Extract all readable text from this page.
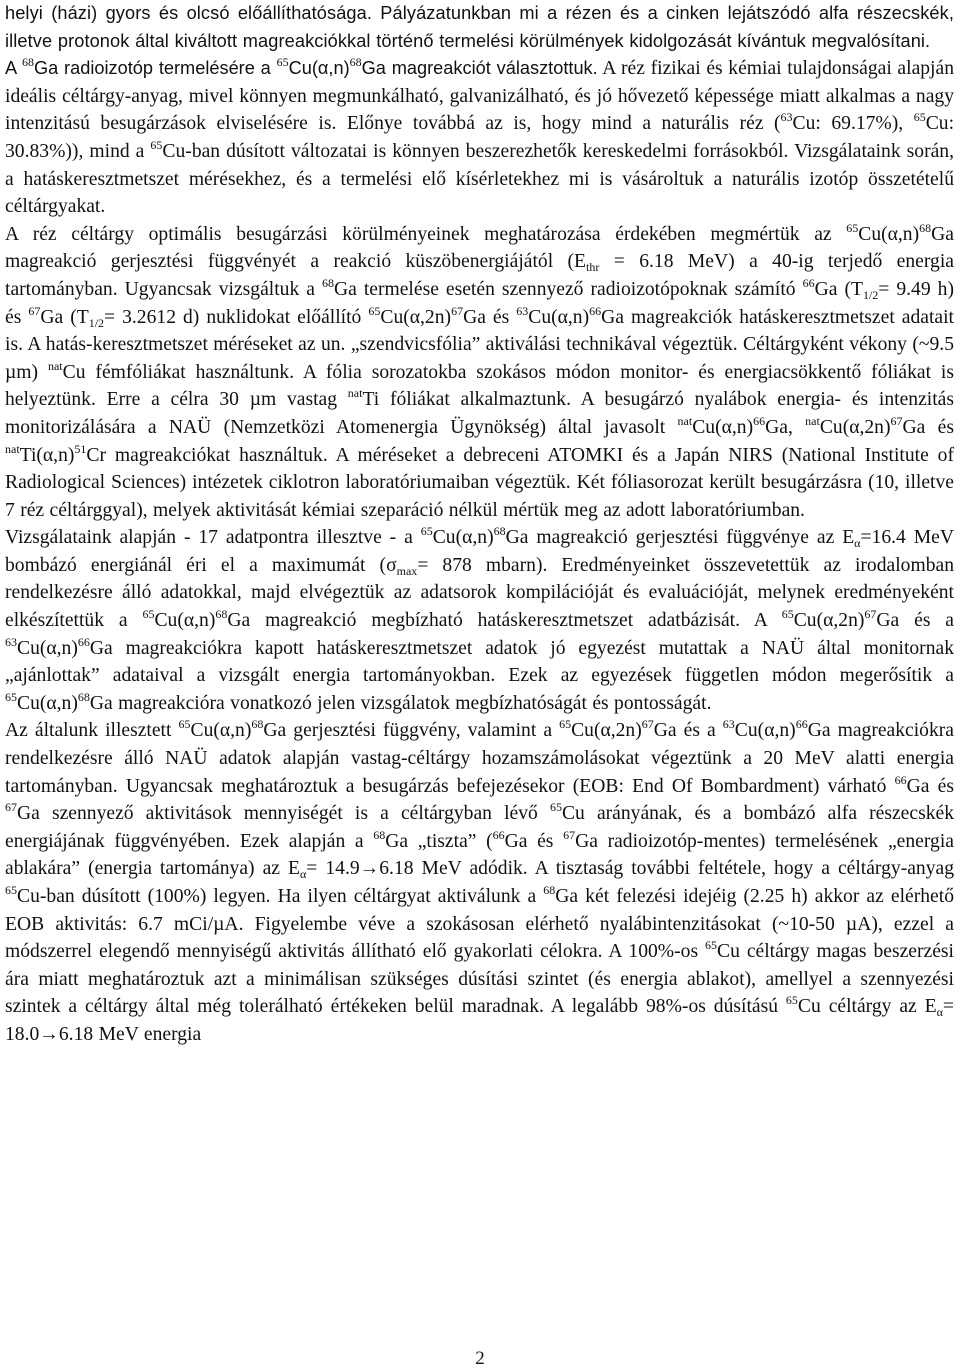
helyi (házi) gyors és olcsó előállíthatósága. Pályázatunkban mi a rézen és a cinken lejátszódó alfa részecskék, illetve protonok által kiváltott magreakciókkal történő termelési körülmények kidolgozását kívántuk megvalósítani.

A $^{68}$Ga radioizotóp termelésére a $^{65}Cu(\alpha,n)^{68}Ga$ magreakciót választottuk. A réz fizikai és kémiai tulajdonságai alapján ideális céltárgy-anyag, mivel könnyen megmunkálható, galvanizálható, és jó hővezető képessége miatt alkalmas a nagy intenzitású besugárzások elviselésére is. Előnye továbbá az is, hogy mind a naturális réz ($^{63}$Cu: 69.17%), $^{65}$Cu: 30.83%)), mind a $^{65}$Cu-ban dúsított változatai is könnyen beszerezhetők kereskedelmi forrásokból. Vizsgálataink során, a hatáskeresztmetszet mérésekhez, és a termelési elő kísérletekhez mi is vásároltuk a naturális izotóp összetételű céltárgyakat.

A réz céltárgy optimális besugárzási körülményeinek meghatározása érdekében megmértük az $^{65}Cu(\alpha,n)^{68}Ga$ magreakció gerjesztési függvényét a reakció küszöbenergiájától ($E_{thr} = 6.18$ MeV) a 40-ig terjedő energia tartományban. Ugyancsak vizsgáltuk a $^{68}$Ga termelése esetén szennyező radioizotópoknak számító $^{66}$Ga ($T_{1/2}= 9.49$ h) és $^{67}$Ga ($T_{1/2}= 3.2612$ d) nuklidokat előállító $^{65}Cu(\alpha,2n)^{67}Ga$ és $^{63}Cu(\alpha,n)^{66}Ga$ magreakciók hatáskeresztmetszet adatait is. A hatás-keresztmetszet méréseket az un. „szendvicsfólia” aktiválási technikával végeztük. Céltárgyként vékony (~9.5 µm) $^{nat}$Cu fémfóliákat használtunk. A fólia sorozatokba szokásos módon monitor- és energiacsökkentő fóliákat is helyeztünk. Erre a célra 30 µm vastag $^{nat}$Ti fóliákat alkalmaztunk. A besugárzó nyalábok energia- és intenzitás monitorizálására a NAÜ (Nemzetközi Atomenergia Ügynökség) által javasolt $^{nat}Cu(\alpha,n)^{66}Ga$, $^{nat}Cu(\alpha,2n)^{67}Ga$ és $^{nat}Ti(\alpha,n)^{51}Cr$ magreakciókat használtuk. A méréseket a debreceni ATOMKI és a Japán NIRS (National Institute of Radiological Sciences) intézetek ciklotron laboratóriumaiban végeztük. Két fóliasorozat került besugárzásra (10, illetve 7 réz céltárggyal), melyek aktivitását kémiai szeparáció nélkül mértük meg az adott laboratóriumban.

Vizsgálataink alapján - 17 adatpontra illesztve - a $^{65}Cu(\alpha,n)^{68}Ga$ magreakció gerjesztési függvénye az $E_\alpha=16.4$ MeV bombázó energiánál éri el a maximumát ($\sigma_{max}= 878$ mbarn). Eredményeinket összevetettük az irodalomban rendelkezésre álló adatokkal, majd elvégeztük az adatsorok kompilációját és evaluációját, melynek eredményeként elkészítettük a $^{65}Cu(\alpha,n)^{68}Ga$ magreakció megbízható hatáskeresztmetszet adatbázisát. A $^{65}Cu(\alpha,2n)^{67}Ga$ és a $^{63}Cu(\alpha,n)^{66}Ga$ magreakciókra kapott hatáskeresztmetszet adatok jó egyezést mutattak a NAÜ által monitornak „ajánlottak” adataival a vizsgált energia tartományokban. Ezek az egyezések független módon megerősítik a $^{65}Cu(\alpha,n)^{68}Ga$ magreakcióra vonatkozó jelen vizsgálatok megbízhatóságát és pontosságát.

Az általunk illesztett $^{65}Cu(\alpha,n)^{68}Ga$ gerjesztési függvény, valamint a $^{65}Cu(\alpha,2n)^{67}Ga$ és a $^{63}Cu(\alpha,n)^{66}Ga$ magreakciókra rendelkezésre álló NAÜ adatok alapján vastag-céltárgy hozamszámolásokat végeztünk a 20 MeV alatti energia tartományban. Ugyancsak meghatároztuk a besugárzás befejezésekor (EOB: End Of Bombardment) várható $^{66}$Ga és $^{67}$Ga szennyező aktivitások mennyiségét is a céltárgyban lévő $^{65}$Cu arányának, és a bombázó alfa részecskék energiájának függvényében. Ezek alapján a $^{68}$Ga „tiszta” ($^{66}$Ga és $^{67}$Ga radioizotóp-mentes) termelésének „energia ablakára” (energia tartománya) az $E_\alpha= 14.9\to 6.18$ MeV adódik. A tisztaság további feltétele, hogy a céltárgy-anyag $^{65}$Cu-ban dúsított (100%) legyen. Ha ilyen céltárgyat aktiválunk a $^{68}$Ga két felezési idejéig (2.25 h) akkor az elérhető EOB aktivitás: 6.7 mCi/µA. Figyelembe véve a szokásosan elérhető nyalábintenzitásokat (~10-50 µA), ezzel a módszerrel elegendő mennyiségű aktivitás állítható elő gyakorlati célokra. A 100%-os $^{65}$Cu céltárgy magas beszerzési ára miatt meghatároztuk azt a minimálisan szükséges dúsítási szintet (és energia ablakot), amellyel a szennyezési szintek a céltárgy által még tolerálható értékeken belül maradnak. A legalább 98%-os dúsítású $^{65}$Cu céltárgy az $E_\alpha= 18.0\to 6.18$ MeV energia

2
